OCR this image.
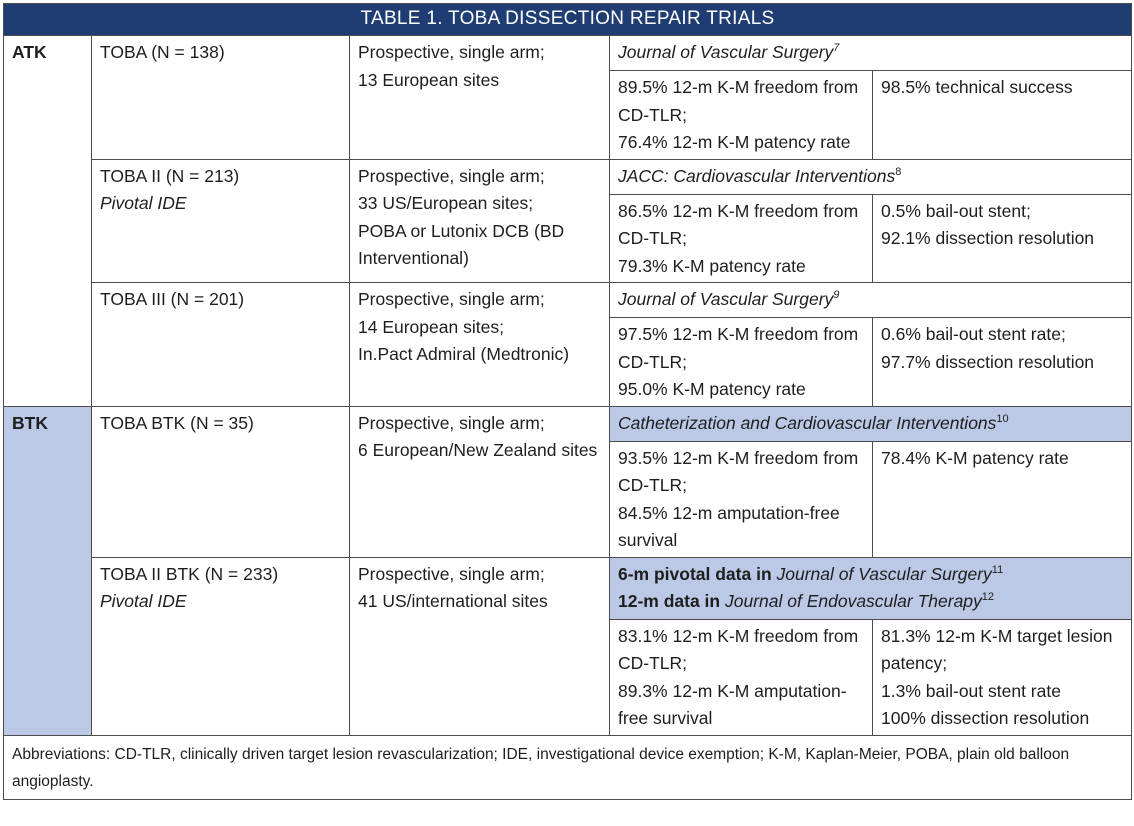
TABLE 1. TOBA DISSECTION REPAIR TRIALS				
ATK	TOBA (N = 138)	Prospective, single arm;
13 European sites	Journal of Vascular Surgery$^7$

			89.5% 12-m K-M freedom from
CD-TLR;
76.4% 12-m K-M patency rate	98.5% technical success

	TOBA II (N = 213)
Pivotal IDE	Prospective, single arm;
33 US/European sites;
POBA or Lutonix DCB (BD
Interventional)	JACC: Cardiovascular Interventions$^8$

			86.5% 12-m K-M freedom from
CD-TLR;
79.3% K-M patency rate	0.5% bail-out stent;
92.1% dissection resolution

	TOBA III (N = 201)	Prospective, single arm;
14 European sites;
In.Pact Admiral (Medtronic)	Journal of Vascular Surgery$^9$

			97.5% 12-m K-M freedom from
CD-TLR;
95.0% K-M patency rate	0.6% bail-out stent rate;
97.7% dissection resolution

BTK	TOBA BTK (N = 35)	Prospective, single arm;
6 European/New Zealand sites	Catheterization and Cardiovascular Interventions$^{10}$

			93.5% 12-m K-M freedom from
CD-TLR;
84.5% 12-m amputation-free
survival	78.4% K-M patency rate

	TOBA II BTK (N = 233)
Pivotal IDE	Prospective, single arm;
41 US/international sites	6-m pivotal data in Journal of Vascular Surgery$^{11}$
12-m data in Journal of Endovascular Therapy$^{12}$

			83.1% 12-m K-M freedom from
CD-TLR;
89.3% 12-m K-M amputation-
free survival	81.3% 12-m K-M target lesion
patency;
1.3% bail-out stent rate
100% dissection resolution

Abbreviations: CD-TLR, clinically driven target lesion revascularization; IDE, investigational device exemption; K-M, Kaplan-Meier, POBA, plain old balloon angioplasty.				
